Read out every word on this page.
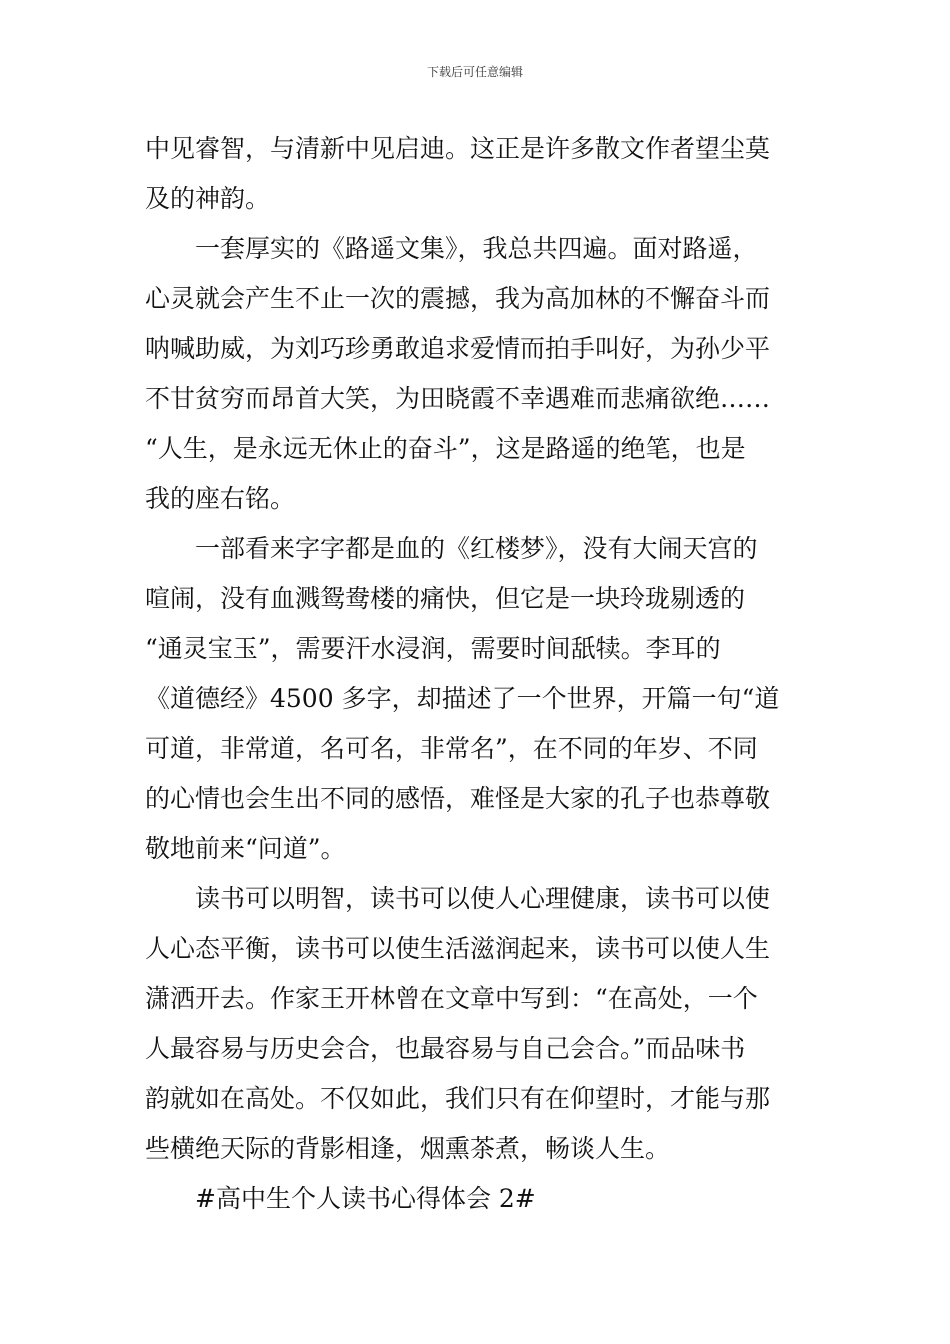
下载后可任意编辑
中见睿智，与清新中见启迪。这正是许多散文作者望尘莫
及的神韵。
一套厚实的《路遥文集》，我总共四遍。面对路遥，
心灵就会产生不止一次的震撼，我为高加林的不懈奋斗而
呐喊助威，为刘巧珍勇敢追求爱情而拍手叫好，为孙少平
不甘贫穷而昂首大笑，为田晓霞不幸遇难而悲痛欲绝……
“人生，是永远无休止的奋斗”，这是路遥的绝笔，也是
我的座右铭。
一部看来字字都是血的《红楼梦》，没有大闹天宫的
喧闹，没有血溅鸳鸯楼的痛快，但它是一块玲珑剔透的
“通灵宝玉”，需要汗水浸润，需要时间舐犊。李耳的
《道德经》4500 多字，却描述了一个世界，开篇一句“道
可道，非常道，名可名，非常名”，在不同的年岁、不同
的心情也会生出不同的感悟，难怪是大家的孔子也恭尊敬
敬地前来“问道”。
读书可以明智，读书可以使人心理健康，读书可以使
人心态平衡，读书可以使生活滋润起来，读书可以使人生
潇洒开去。作家王开林曾在文章中写到：“在高处，一个
人最容易与历史会合，也最容易与自己会合。”而品味书
韵就如在高处。不仅如此，我们只有在仰望时，才能与那
些横绝天际的背影相逢，烟熏茶煮，畅谈人生。
#高中生个人读书心得体会 2#
